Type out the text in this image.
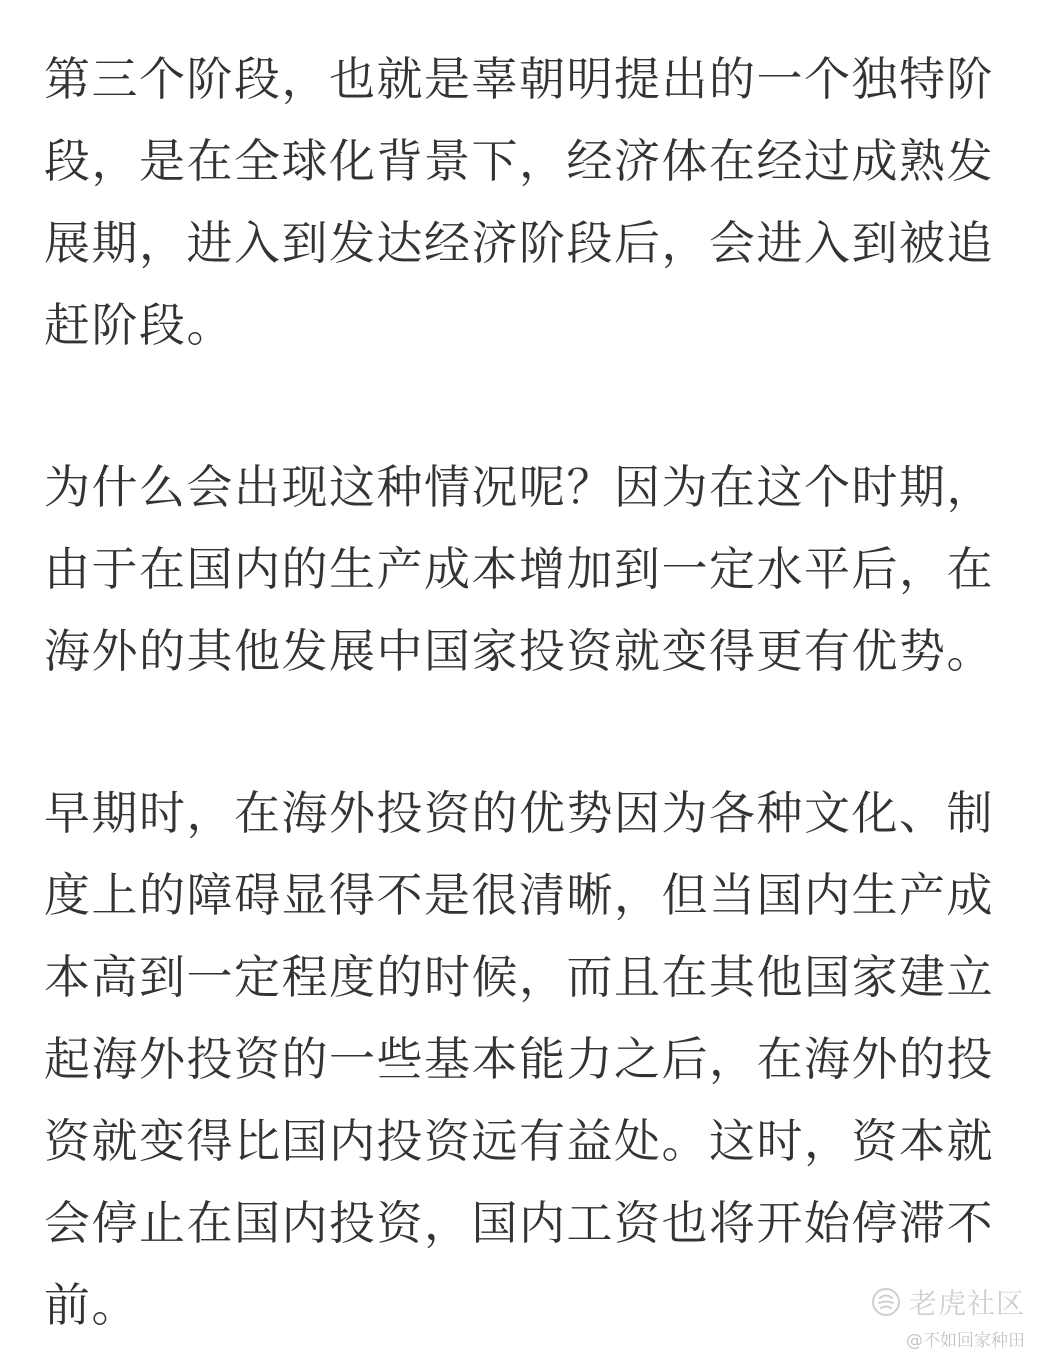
第三个阶段，也就是辜朝明提出的一个独特阶段，是在全球化背景下，经济体在经过成熟发展期，进入到发达经济阶段后，会进入到被追赶阶段。

为什么会出现这种情况呢？因为在这个时期，由于在国内的生产成本增加到一定水平后，在海外的其他发展中国家投资就变得更有优势。

早期时，在海外投资的优势因为各种文化、制度上的障碍显得不是很清晰，但当国内生产成本高到一定程度的时候，而且在其他国家建立起海外投资的一些基本能力之后，在海外的投资就变得比国内投资远有益处。这时，资本就会停止在国内投资，国内工资也将开始停滞不前。	老虎社区
@不如回家种田
